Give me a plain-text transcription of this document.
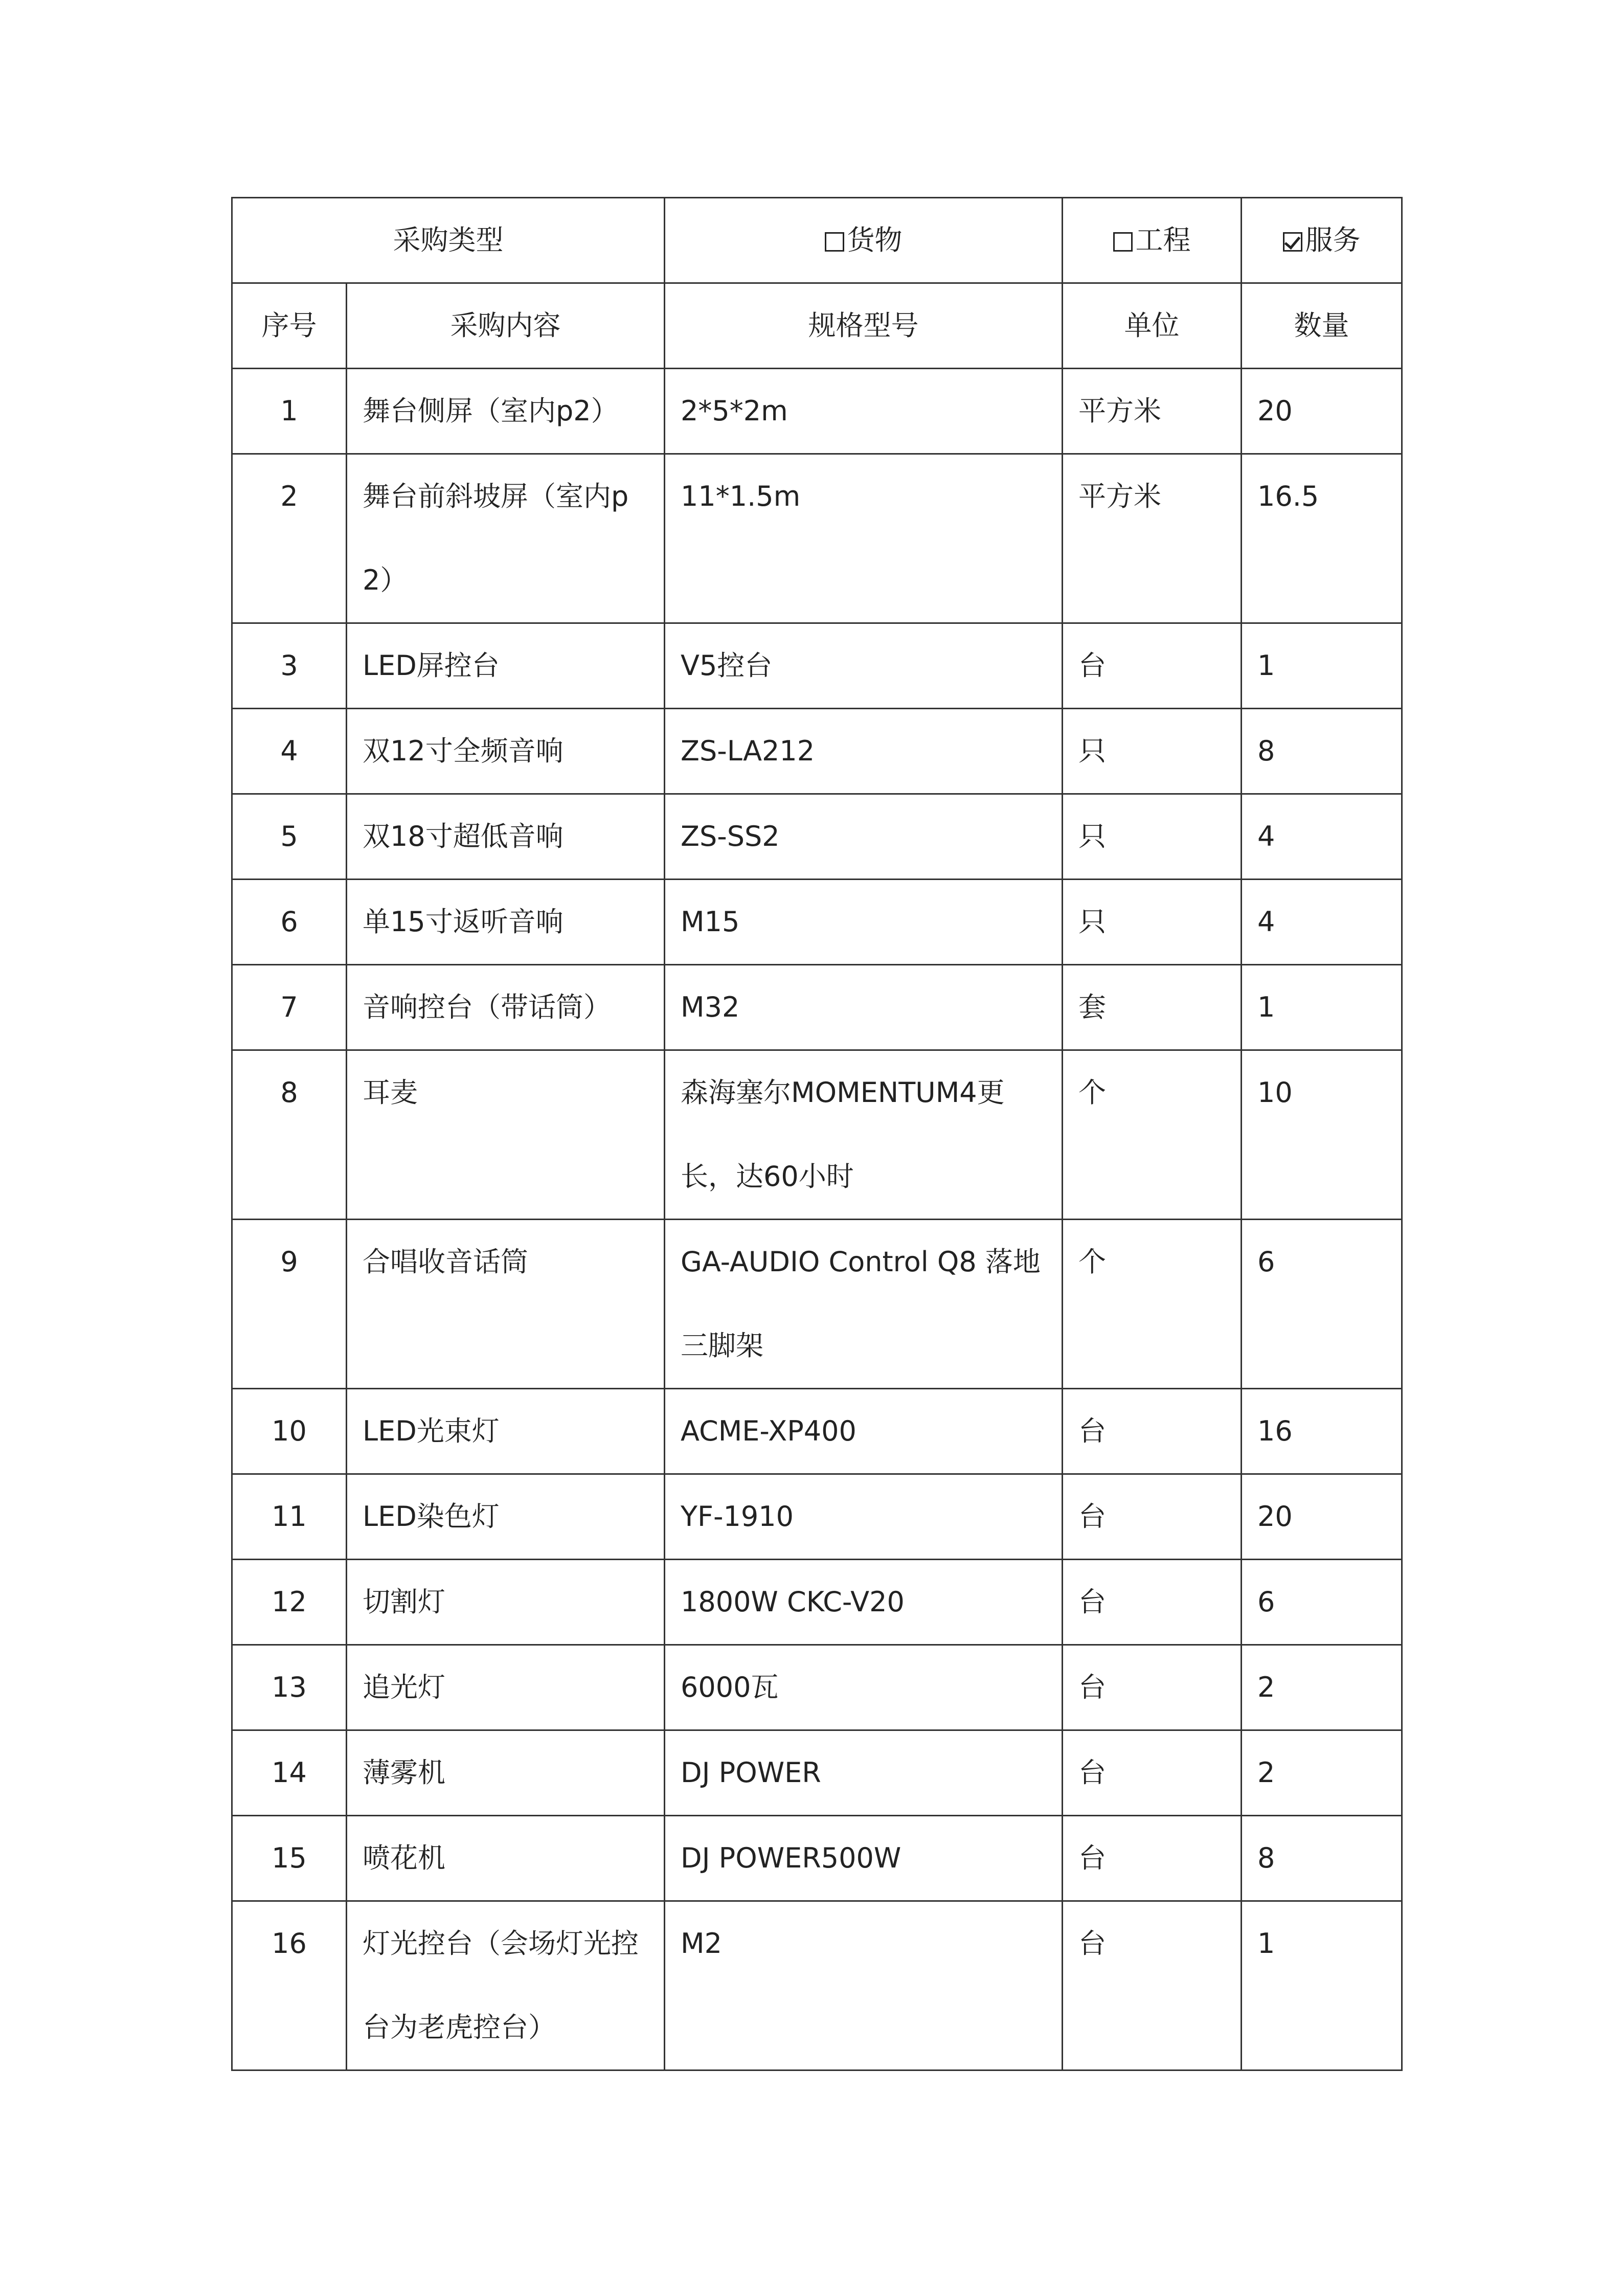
采购类型		货物	工程	服务
序号	采购内容	规格型号	单位	数量
1	舞台侧屏（室内p2）	2*5*2m	平方米	20
2	舞台前斜坡屏（室内p2）	11*1.5m	平方米	16.5
3	LED屏控台	V5控台	台	1
4	双12寸全频音响	ZS-LA212	只	8
5	双18寸超低音响	ZS-SS2	只	4
6	单15寸返听音响	M15	只	4
7	音响控台（带话筒）	M32	套	1
8	耳麦	森海塞尔MOMENTUM4更长，达60小时	个	10
9	合唱收音话筒	GA-AUDIO Control Q8 落地三脚架	个	6
10	LED光束灯	ACME-XP400	台	16
11	LED染色灯	YF-1910	台	20
12	切割灯	1800W CKC-V20	台	6
13	追光灯	6000瓦	台	2
14	薄雾机	DJ POWER	台	2
15	喷花机	DJ POWER500W	台	8
16	灯光控台（会场灯光控台为老虎控台）	M2	台	1
